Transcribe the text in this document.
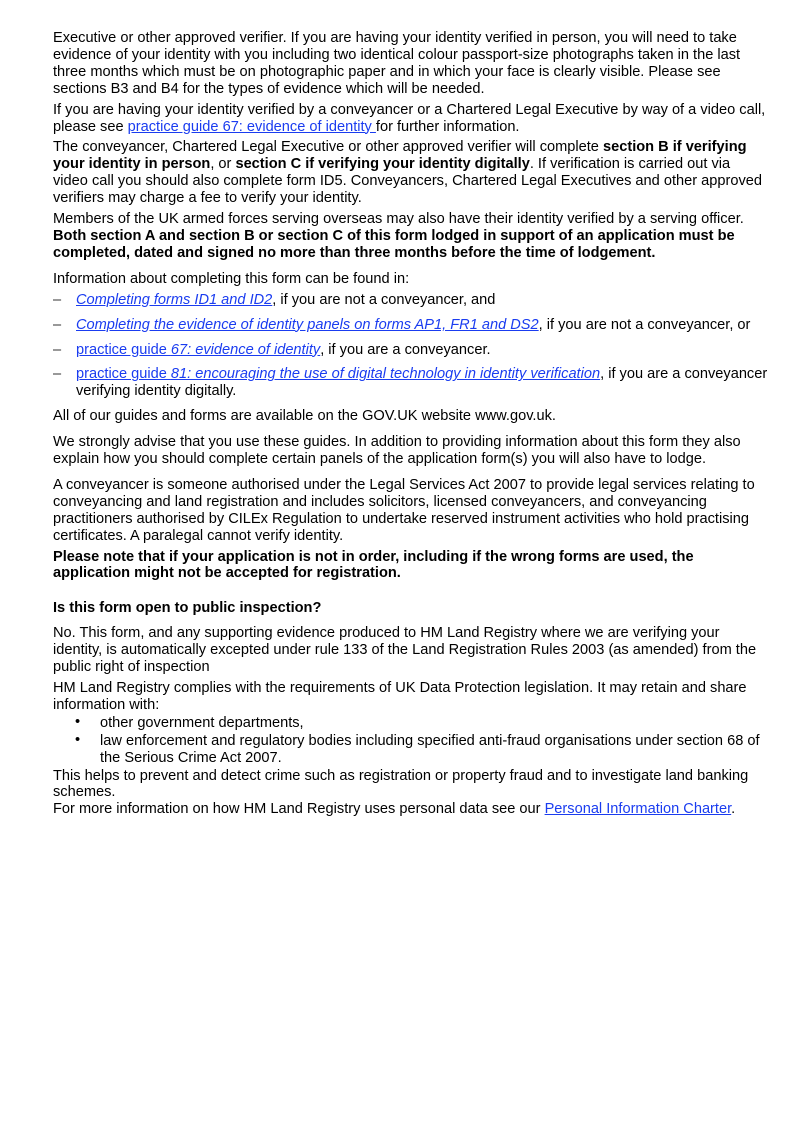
Executive or other approved verifier. If you are having your identity verified in person, you will need to take evidence of your identity with you including two identical colour passport-size photographs taken in the last three months which must be on photographic paper and in which your face is clearly visible. Please see sections B3 and B4 for the types of evidence which will be needed.

If you are having your identity verified by a conveyancer or a Chartered Legal Executive by way of a video call, please see practice guide 67: evidence of identity for further information.

The conveyancer, Chartered Legal Executive or other approved verifier will complete section B if verifying your identity in person, or section C if verifying your identity digitally. If verification is carried out via video call you should also complete form ID5. Conveyancers, Chartered Legal Executives and other approved verifiers may charge a fee to verify your identity.

Members of the UK armed forces serving overseas may also have their identity verified by a serving officer.
Both section A and section B or section C of this form lodged in support of an application must be completed, dated and signed no more than three months before the time of lodgement.

Information about completing this form can be found in:

– Completing forms ID1 and ID2, if you are not a conveyancer, and
– Completing the evidence of identity panels on forms AP1, FR1 and DS2, if you are not a conveyancer, or
– practice guide 67: evidence of identity, if you are a conveyancer.
– practice guide 81: encouraging the use of digital technology in identity verification, if you are a conveyancer verifying identity digitally.

All of our guides and forms are available on the GOV.UK website www.gov.uk.

We strongly advise that you use these guides. In addition to providing information about this form they also explain how you should complete certain panels of the application form(s) you will also have to lodge.

A conveyancer is someone authorised under the Legal Services Act 2007 to provide legal services relating to conveyancing and land registration and includes solicitors, licensed conveyancers, and conveyancing practitioners authorised by CILEx Regulation to undertake reserved instrument activities who hold practising certificates. A paralegal cannot verify identity.

Please note that if your application is not in order, including if the wrong forms are used, the application might not be accepted for registration.

Is this form open to public inspection?

No. This form, and any supporting evidence produced to HM Land Registry where we are verifying your identity, is automatically excepted under rule 133 of the Land Registration Rules 2003 (as amended) from the public right of inspection

HM Land Registry complies with the requirements of UK Data Protection legislation. It may retain and share information with:

• other government departments,
• law enforcement and regulatory bodies including specified anti-fraud organisations under section 68 of the Serious Crime Act 2007.

This helps to prevent and detect crime such as registration or property fraud and to investigate land banking schemes.

For more information on how HM Land Registry uses personal data see our Personal Information Charter.
